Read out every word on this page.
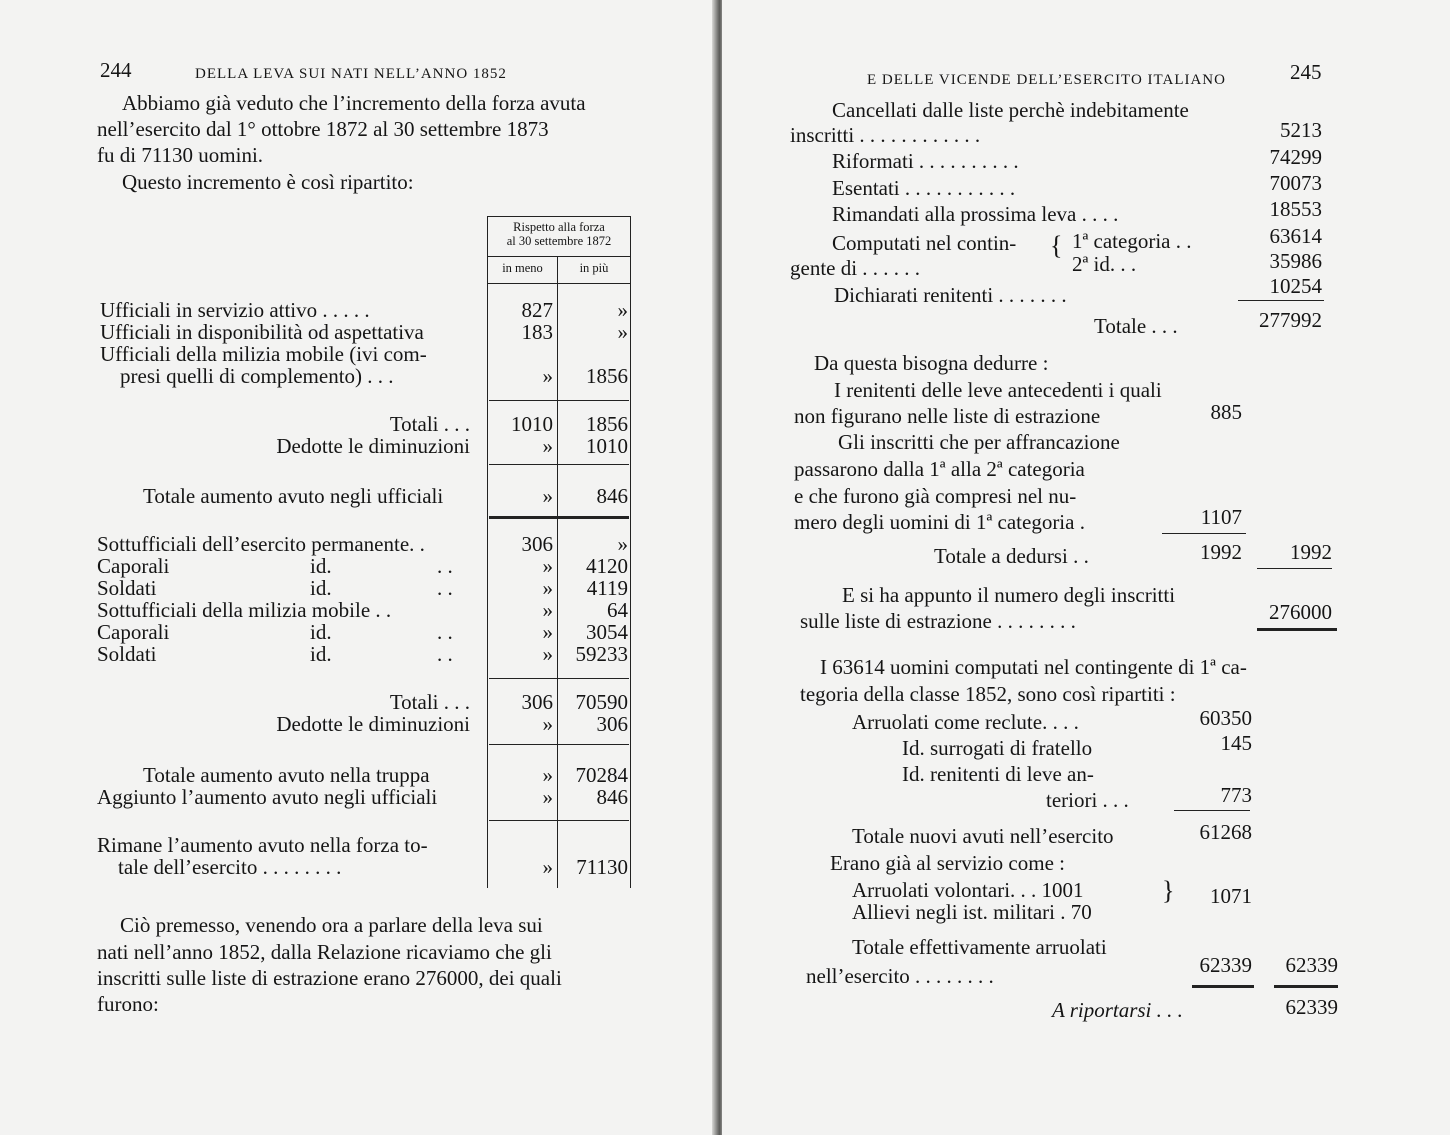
244	DELLA LEVA SUI NATI NELL’ANNO 1852
Abbiamo già veduto che l’incremento della forza avuta
nell’esercito dal 1° ottobre 1872 al 30 settembre 1873
fu di 71130 uomini.
Questo incremento è così ripartito:
Rispetto alla forza
al 30 settembre 1872
in meno	in più
Ufficiali in servizio attivo . . . . .	827	»
Ufficiali in disponibilità od aspettativa	183	»
Ufficiali della milizia mobile (ivi com-
presi quelli di complemento) . . .	»	1856
Totali . . .	1010	1856
Dedotte le diminuzioni	»	1010
Totale aumento avuto negli ufficiali	»	846
Sottufficiali dell’esercito permanente. .	306	»
Caporali	id.	. .	»	4120
Soldati	id.	. .	»	4119
Sottufficiali della milizia mobile . .	»	64
Caporali	id.	. .	»	3054
Soldati	id.	. .	»	59233
Totali . . .	306	70590
Dedotte le diminuzioni	»	306
Totale aumento avuto nella truppa	»	70284
Aggiunto l’aumento avuto negli ufficiali	»	846
Rimane l’aumento avuto nella forza to-
tale dell’esercito . . . . . . . .	»	71130
Ciò premesso, venendo ora a parlare della leva sui
nati nell’anno 1852, dalla Relazione ricaviamo che gli
inscritti sulle liste di estrazione erano 276000, dei quali
furono:
E DELLE VICENDE DELL’ESERCITO ITALIANO	245
Cancellati dalle liste perchè indebitamente
inscritti . . . . . . . . . . . .	5213
Riformati . . . . . . . . . .	74299
Esentati . . . . . . . . . . .	70073
Rimandati alla prossima leva . . . .	18553
Computati nel contin-
gente di . . . . . .
{ 1ª categoria . .	63614
2ª id. . .	35986
Dichiarati renitenti . . . . . . .	10254
Totale . . .	277992
Da questa bisogna dedurre :
I renitenti delle leve antecedenti i quali
non figurano nelle liste di estrazione	885
Gli inscritti che per affrancazione
passarono dalla 1ª alla 2ª categoria
e che furono già compresi nel nu-
mero degli uomini di 1ª categoria .	1107
Totale a dedursi . .	1992	1992
E si ha appunto il numero degli inscritti
sulle liste di estrazione . . . . . . . .	276000
I 63614 uomini computati nel contingente di 1ª ca-
tegoria della classe 1852, sono così ripartiti :
Arruolati come reclute. . . .	60350
Id. surrogati di fratello	145
Id. renitenti di leve an-
teriori . . .	773
Totale nuovi avuti nell’esercito	61268
Erano già al servizio come :
Arruolati volontari. . . 1001
Allievi negli ist. militari . 70
}	1071
Totale effettivamente arruolati
nell’esercito . . . . . . . .	62339	62339
A riportarsi . . .	62339
